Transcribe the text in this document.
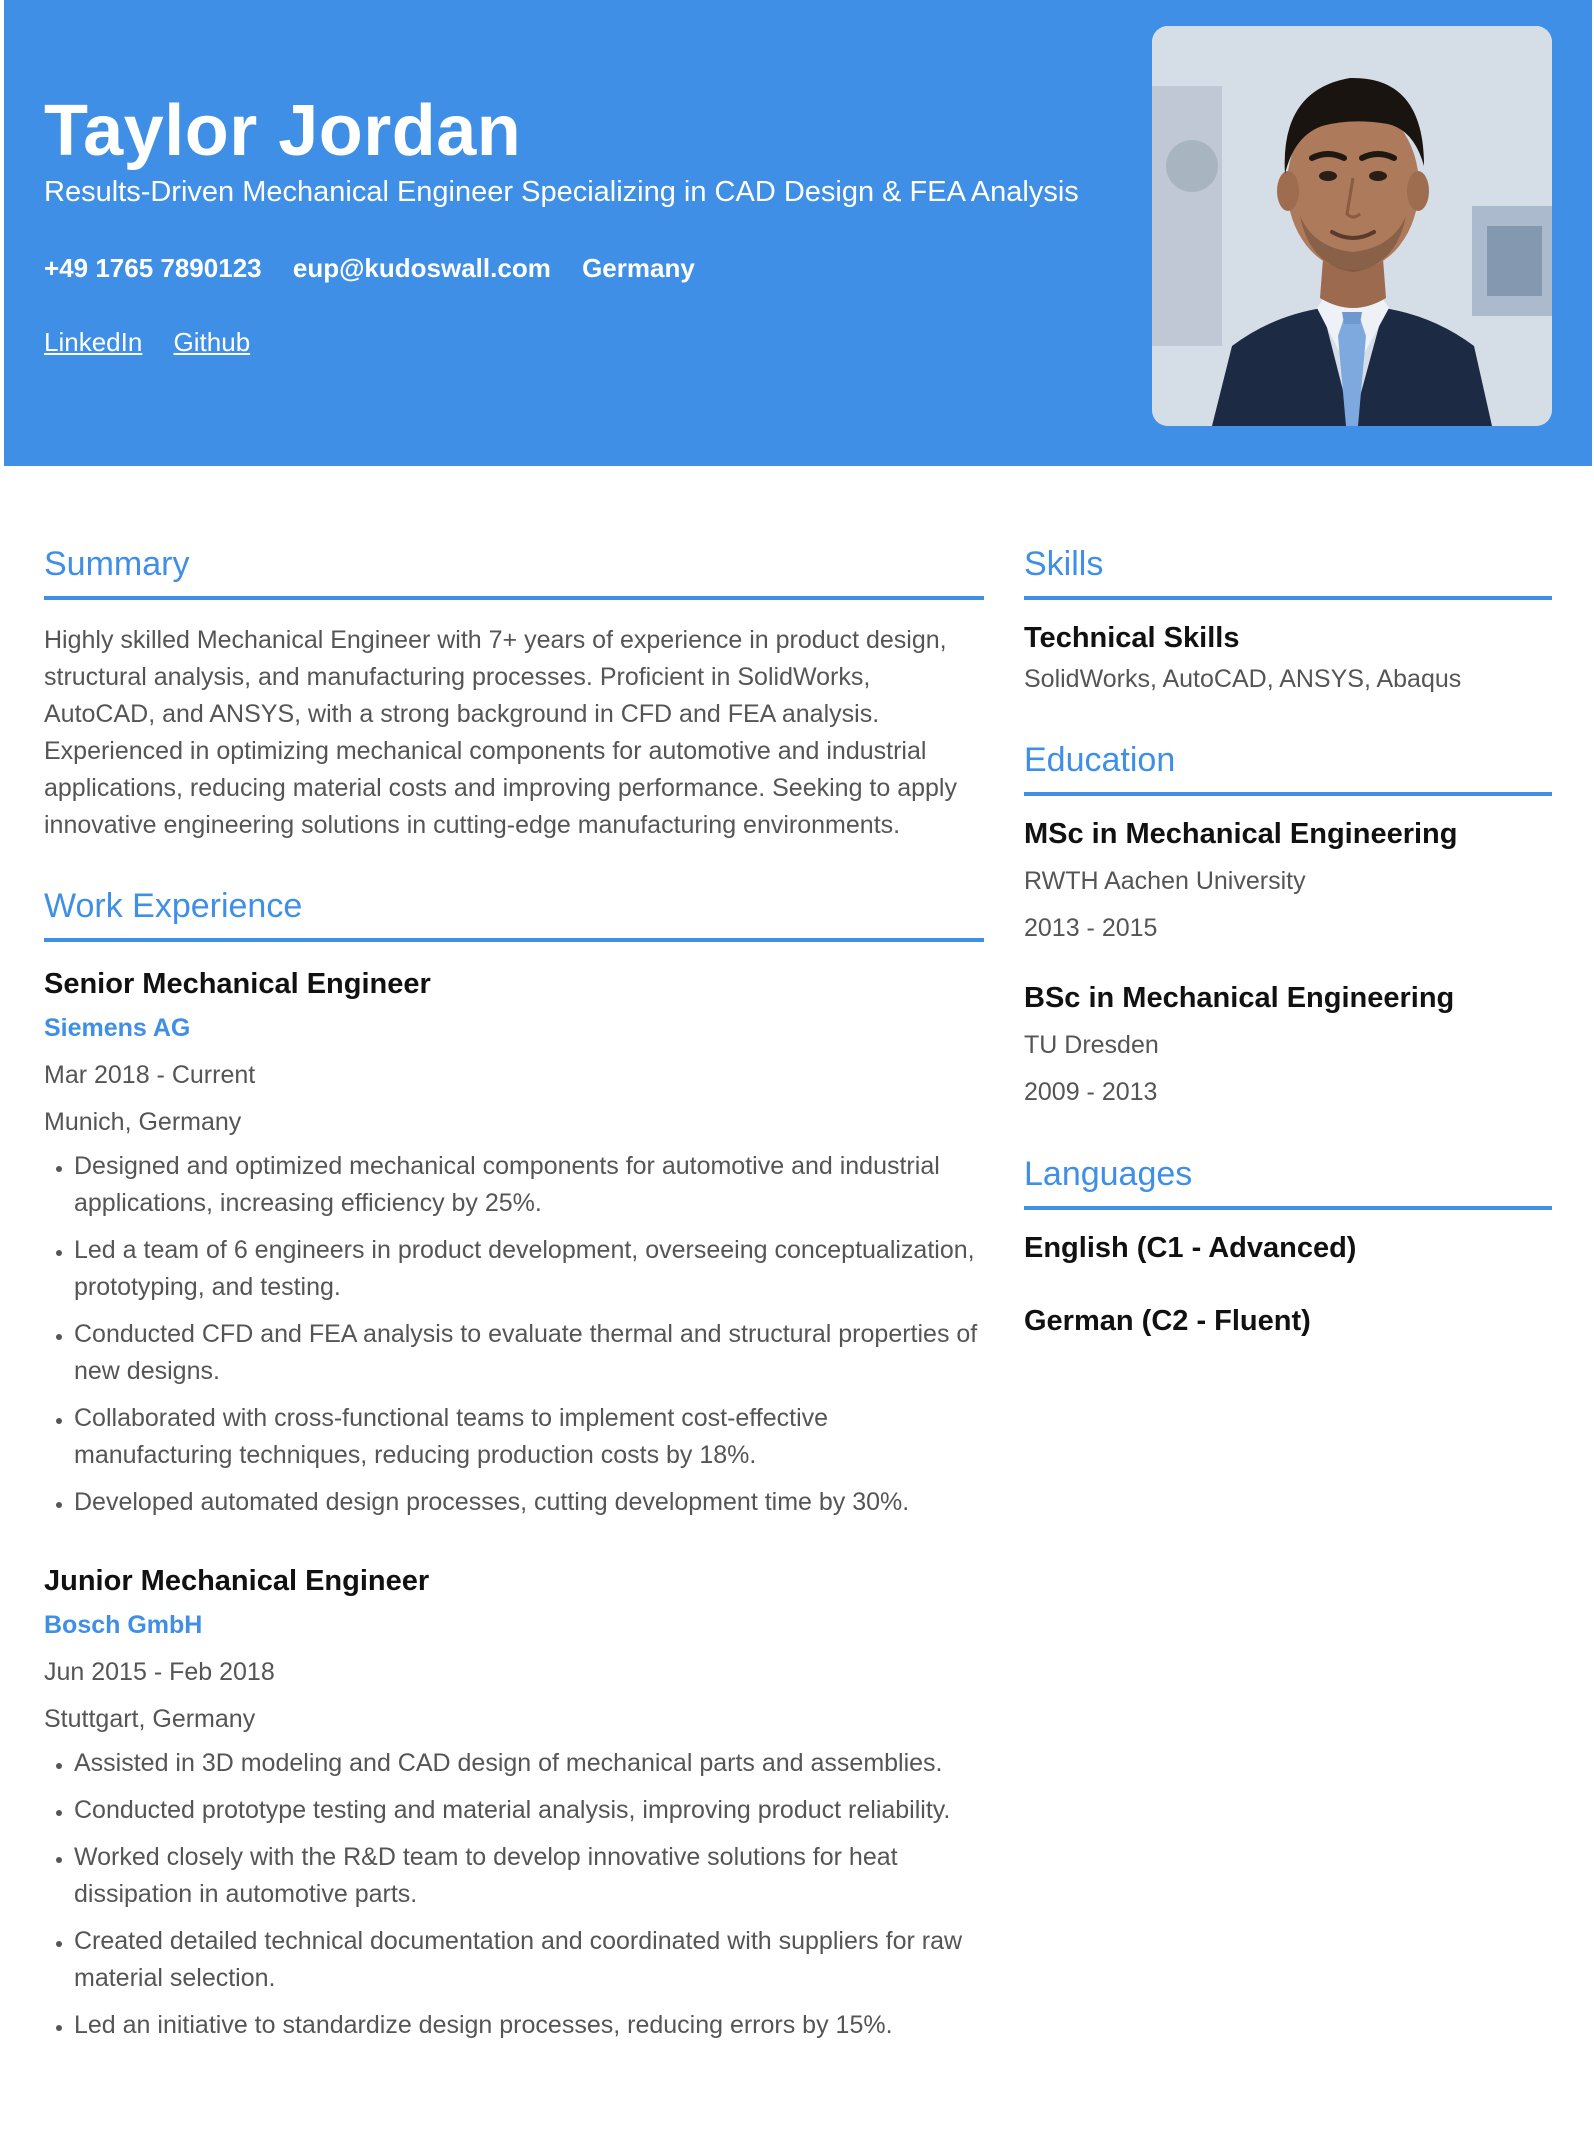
Taylor Jordan
Results-Driven Mechanical Engineer Specializing in CAD Design & FEA Analysis
+49 1765 7890123 eup@kudoswall.com Germany
LinkedIn Github
Summary

Highly skilled Mechanical Engineer with 7+ years of experience in product design, structural analysis, and manufacturing processes. Proficient in SolidWorks, AutoCAD, and ANSYS, with a strong background in CFD and FEA analysis. Experienced in optimizing mechanical components for automotive and industrial applications, reducing material costs and improving performance. Seeking to apply innovative engineering solutions in cutting-edge manufacturing environments.

Work Experience
Senior Mechanical Engineer
Siemens AG
Mar 2018 - Current
Munich, Germany
• Designed and optimized mechanical components for automotive and industrial applications, increasing efficiency by 25%.
• Led a team of 6 engineers in product development, overseeing conceptualization, prototyping, and testing.
• Conducted CFD and FEA analysis to evaluate thermal and structural properties of new designs.
• Collaborated with cross-functional teams to implement cost-effective manufacturing techniques, reducing production costs by 18%.
• Developed automated design processes, cutting development time by 30%.
Junior Mechanical Engineer
Bosch GmbH
Jun 2015 - Feb 2018
Stuttgart, Germany
• Assisted in 3D modeling and CAD design of mechanical parts and assemblies.
• Conducted prototype testing and material analysis, improving product reliability.
• Worked closely with the R&D team to develop innovative solutions for heat dissipation in automotive parts.
• Created detailed technical documentation and coordinated with suppliers for raw material selection.
• Led an initiative to standardize design processes, reducing errors by 15%.
Skills
Technical Skills
SolidWorks, AutoCAD, ANSYS, Abaqus
Education
MSc in Mechanical Engineering
RWTH Aachen University
2013 - 2015
BSc in Mechanical Engineering
TU Dresden
2009 - 2013
Languages
English (C1 - Advanced)
German (C2 - Fluent)
